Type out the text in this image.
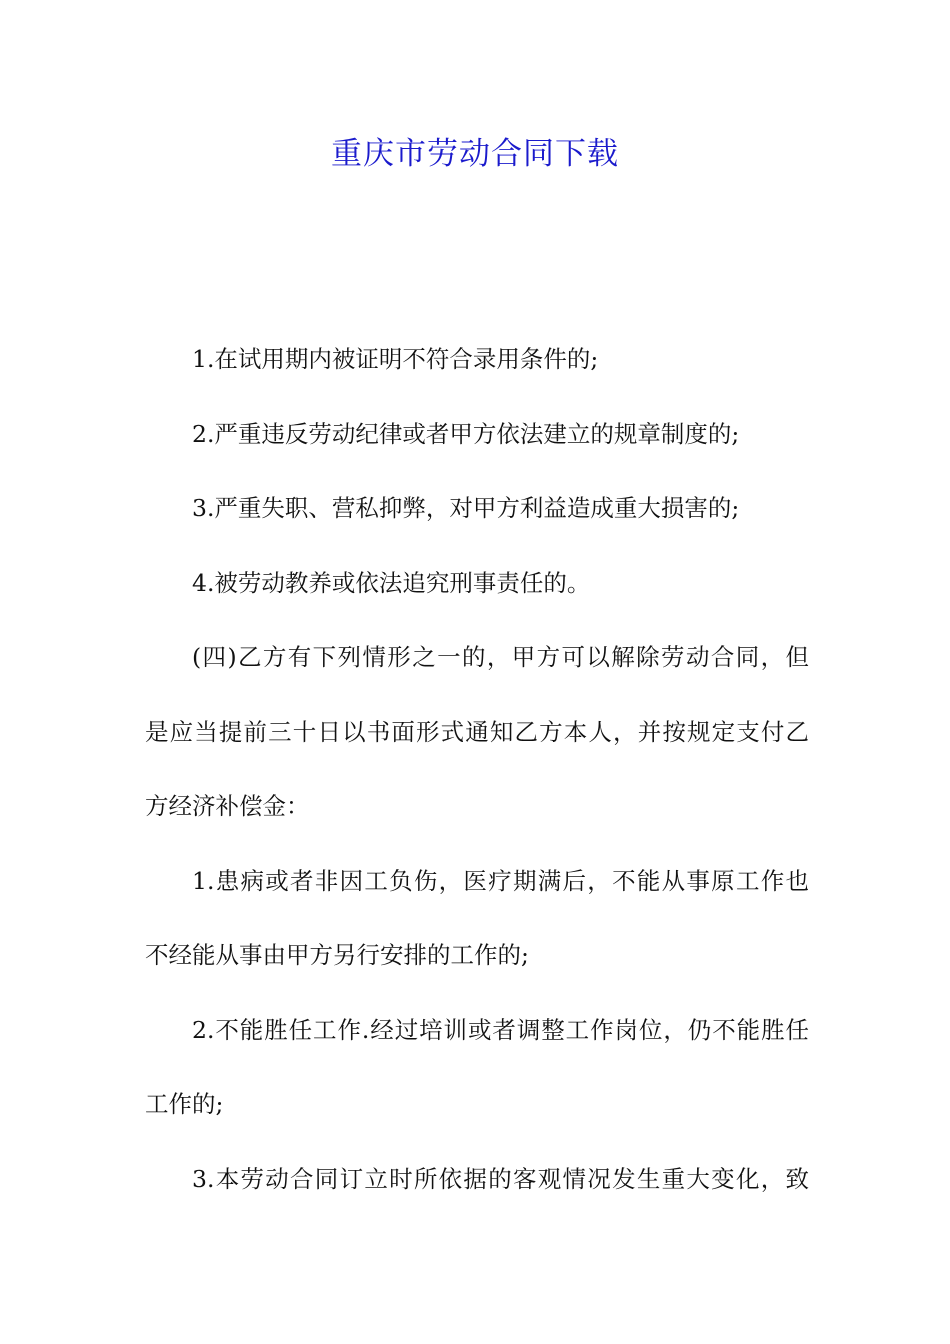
重庆市劳动合同下载
1.在试用期内被证明不符合录用条件的;
2.严重违反劳动纪律或者甲方依法建立的规章制度的;
3.严重失职、营私抑弊，对甲方利益造成重大损害的;
4.被劳动教养或依法追究刑事责任的。
(四)乙方有下列情形之一的，甲方可以解除劳动合同，但
是应当提前三十日以书面形式通知乙方本人，并按规定支付乙
方经济补偿金：
1.患病或者非因工负伤，医疗期满后，不能从事原工作也
不经能从事由甲方另行安排的工作的;
2.不能胜任工作.经过培训或者调整工作岗位，仍不能胜任
工作的;
3.本劳动合同订立时所依据的客观情况发生重大变化，致
